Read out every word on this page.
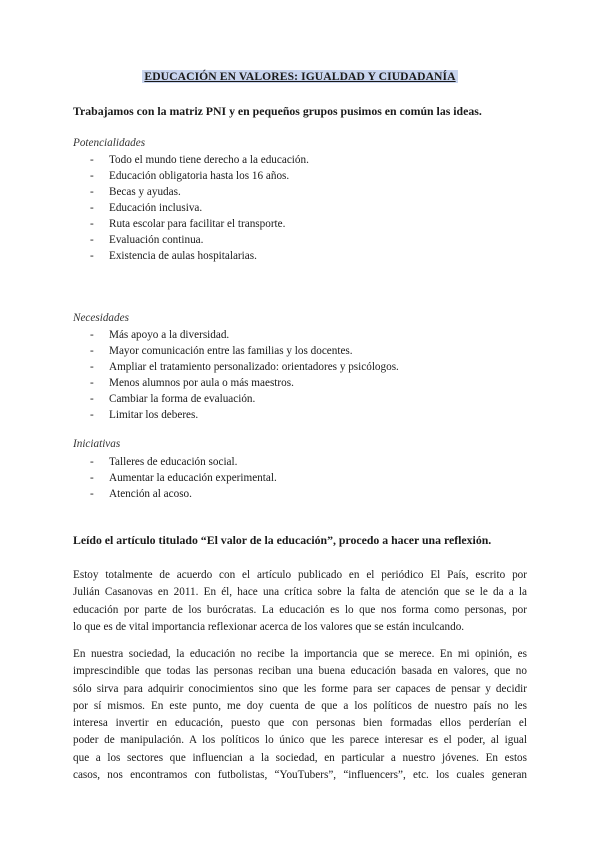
EDUCACIÓN EN VALORES: IGUALDAD Y CIUDADANÍA
Trabajamos con la matriz PNI y en pequeños grupos pusimos en común las ideas.
Potencialidades
- Todo el mundo tiene derecho a la educación.
- Educación obligatoria hasta los 16 años.
- Becas y ayudas.
- Educación inclusiva.
- Ruta escolar para facilitar el transporte.
- Evaluación continua.
- Existencia de aulas hospitalarias.
Necesidades
- Más apoyo a la diversidad.
- Mayor comunicación entre las familias y los docentes.
- Ampliar el tratamiento personalizado: orientadores y psicólogos.
- Menos alumnos por aula o más maestros.
- Cambiar la forma de evaluación.
- Limitar los deberes.
Iniciativas
- Talleres de educación social.
- Aumentar la educación experimental.
- Atención al acoso.
Leído el artículo titulado “El valor de la educación”, procedo a hacer una reflexión.
Estoy totalmente de acuerdo con el artículo publicado en el periódico El País, escrito por
Julián Casanovas en 2011. En él, hace una crítica sobre la falta de atención que se le da a la
educación por parte de los burócratas. La educación es lo que nos forma como personas, por
lo que es de vital importancia reflexionar acerca de los valores que se están inculcando.
En nuestra sociedad, la educación no recibe la importancia que se merece. En mi opinión, es
imprescindible que todas las personas reciban una buena educación basada en valores, que no
sólo sirva para adquirir conocimientos sino que les forme para ser capaces de pensar y decidir
por sí mismos. En este punto, me doy cuenta de que a los políticos de nuestro país no les
interesa invertir en educación, puesto que con personas bien formadas ellos perderían el
poder de manipulación. A los políticos lo único que les parece interesar es el poder, al igual
que a los sectores que influencian a la sociedad, en particular a nuestro jóvenes. En estos
casos, nos encontramos con futbolistas, “YouTubers”, “influencers”, etc. los cuales generan
